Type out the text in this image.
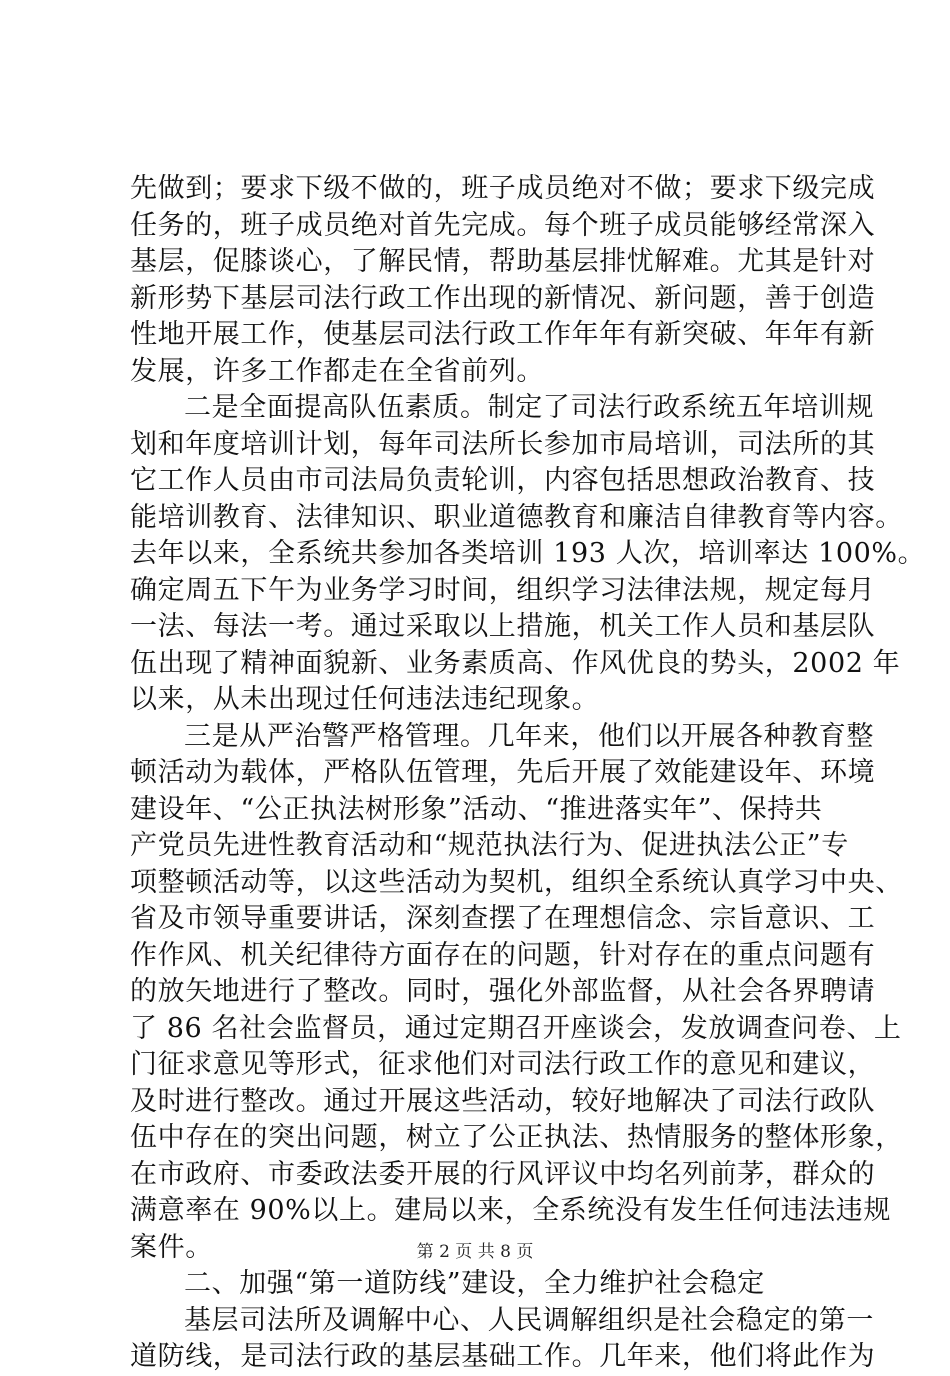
先做到；要求下级不做的，班子成员绝对不做；要求下级完成
任务的，班子成员绝对首先完成。每个班子成员能够经常深入
基层，促膝谈心，了解民情，帮助基层排忧解难。尤其是针对
新形势下基层司法行政工作出现的新情况、新问题，善于创造
性地开展工作，使基层司法行政工作年年有新突破、年年有新
发展，许多工作都走在全省前列。
二是全面提高队伍素质。制定了司法行政系统五年培训规
划和年度培训计划，每年司法所长参加市局培训，司法所的其
它工作人员由市司法局负责轮训，内容包括思想政治教育、技
能培训教育、法律知识、职业道德教育和廉洁自律教育等内容。
去年以来，全系统共参加各类培训 193 人次，培训率达 100%。
确定周五下午为业务学习时间，组织学习法律法规，规定每月
一法、每法一考。通过采取以上措施，机关工作人员和基层队
伍出现了精神面貌新、业务素质高、作风优良的势头，2002 年
以来，从未出现过任何违法违纪现象。
三是从严治警严格管理。几年来，他们以开展各种教育整
顿活动为载体，严格队伍管理，先后开展了效能建设年、环境
建设年、“公正执法树形象”活动、“推进落实年”、保持共
产党员先进性教育活动和“规范执法行为、促进执法公正”专
项整顿活动等，以这些活动为契机，组织全系统认真学习中央、
省及市领导重要讲话，深刻查摆了在理想信念、宗旨意识、工
作作风、机关纪律待方面存在的问题，针对存在的重点问题有
的放矢地进行了整改。同时，强化外部监督，从社会各界聘请
了 86 名社会监督员，通过定期召开座谈会，发放调查问卷、上
门征求意见等形式，征求他们对司法行政工作的意见和建议，
及时进行整改。通过开展这些活动，较好地解决了司法行政队
伍中存在的突出问题，树立了公正执法、热情服务的整体形象，
在市政府、市委政法委开展的行风评议中均名列前茅，群众的
满意率在 90%以上。建局以来，全系统没有发生任何违法违规
案件。
二、加强“第一道防线”建设，全力维护社会稳定
基层司法所及调解中心、人民调解组织是社会稳定的第一
道防线，是司法行政的基层基础工作。几年来，他们将此作为
第 2 页 共 8 页
